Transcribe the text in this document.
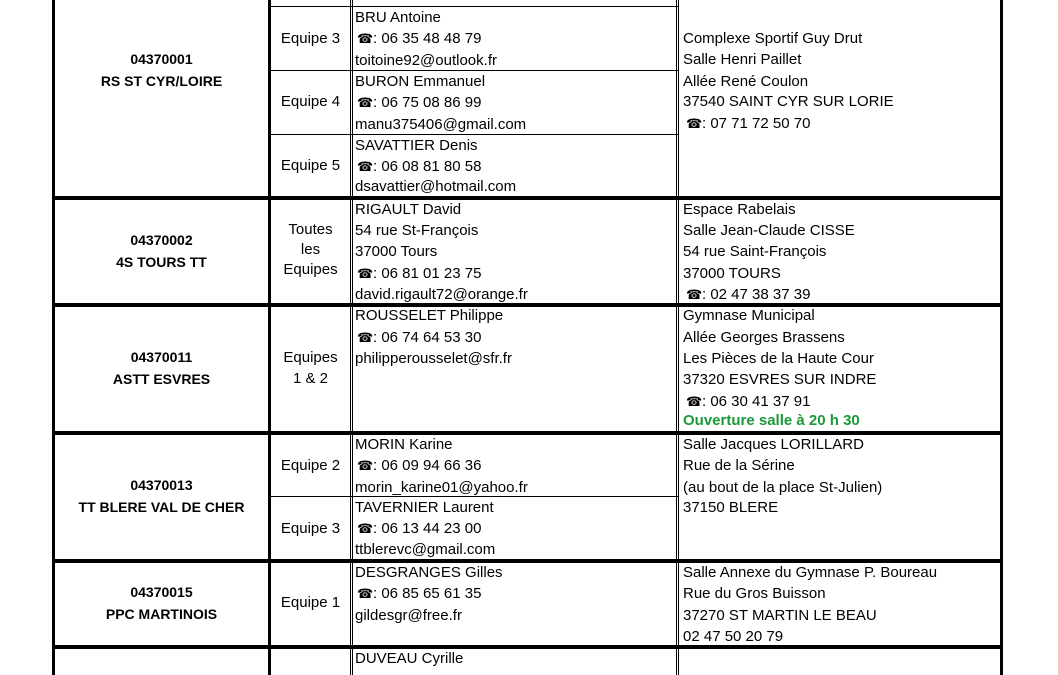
04370001
RS ST CYR/LOIRE
Equipe 3
Equipe 4
Equipe 5

BRU Antoine
☎: 06 35 48 48 79
toitoine92@outlook.fr
BURON Emmanuel
☎: 06 75 08 86 99
manu375406@gmail.com
SAVATTIER Denis
☎: 06 08 81 80 58
dsavattier@hotmail.com
Complexe Sportif Guy Drut
Salle Henri Paillet
Allée René Coulon
37540 SAINT CYR SUR LORIE
☎: 07 71 72 50 70
04370002
4S TOURS TT
Toutes
les
Equipes
RIGAULT David
54 rue St-François
37000 Tours
☎: 06 81 01 23 75
david.rigault72@orange.fr
Espace Rabelais
Salle Jean-Claude CISSE
54 rue Saint-François
37000 TOURS
☎: 02 47 38 37 39
04370011
ASTT ESVRES
Equipes
1 & 2
ROUSSELET Philippe
☎: 06 74 64 53 30
philipperousselet@sfr.fr
Gymnase Municipal
Allée Georges Brassens
Les Pièces de la Haute Cour
37320 ESVRES SUR INDRE
☎: 06 30 41 37 91
Ouverture salle à 20 h 30
04370013
TT BLERE VAL DE CHER
Equipe 2
Equipe 3
MORIN Karine
☎: 06 09 94 66 36
morin_karine01@yahoo.fr
TAVERNIER Laurent
☎: 06 13 44 23 00
ttblerevc@gmail.com
Salle Jacques LORILLARD
Rue de la Sérine
(au bout de la place St-Julien)
37150 BLERE
04370015
PPC MARTINOIS
Equipe 1
DESGRANGES Gilles
☎: 06 85 65 61 35
gildesgr@free.fr
Salle Annexe du Gymnase P. Boureau
Rue du Gros Buisson
37270 ST MARTIN LE BEAU
02 47 50 20 79
DUVEAU Cyrille
